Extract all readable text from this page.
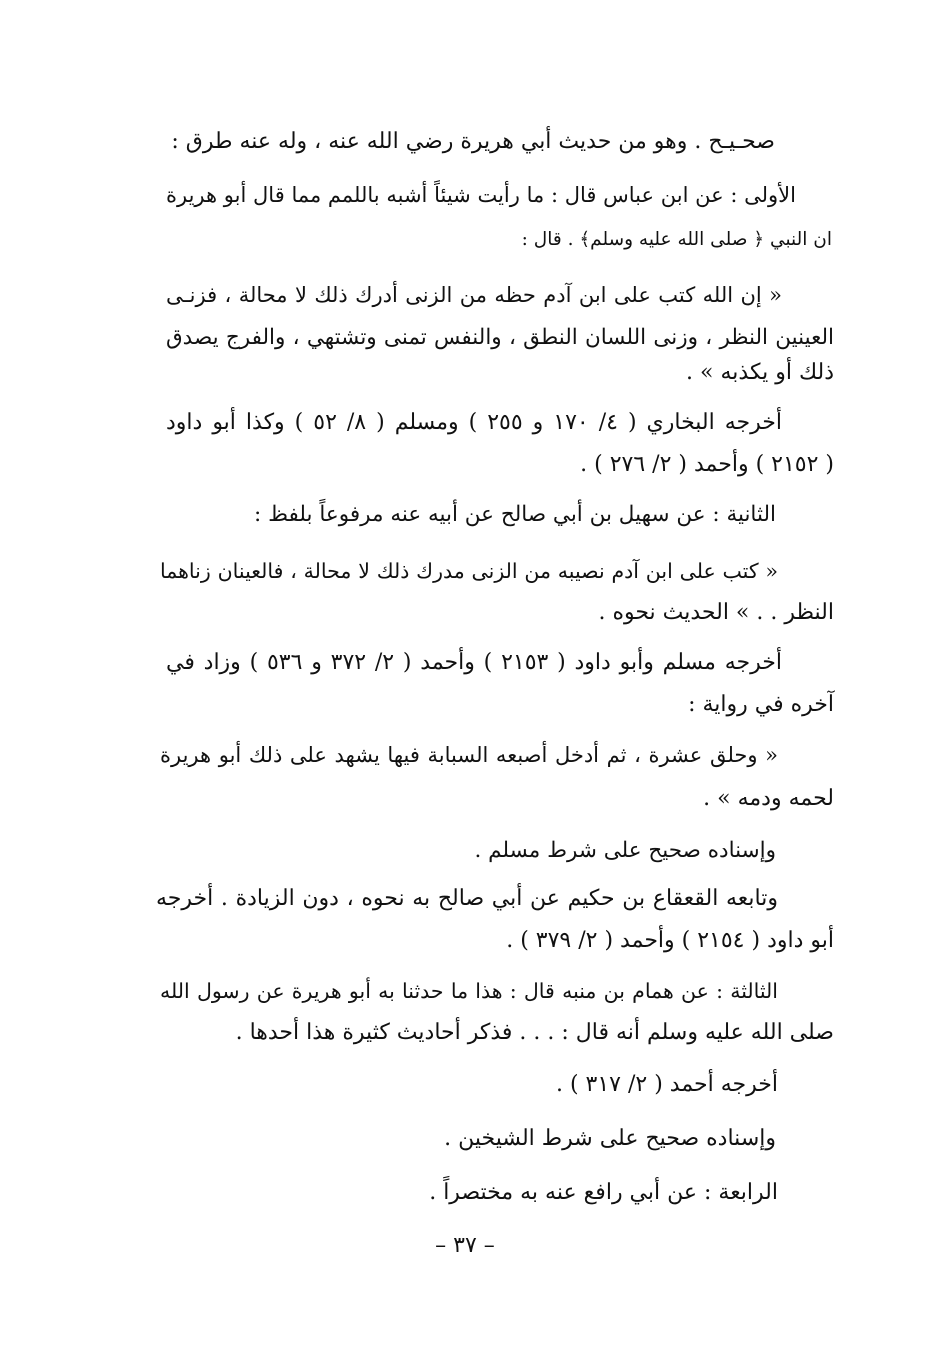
صحـيـح . وهو من حديث أبي هريرة رضي الله عنه ، وله عنه طرق :
الأولى : عن ابن عباس قال : ما رأيت شيئاً أشبه باللمم مما قال أبو هريرة
ان النبي ﴿ صلى الله عليه وسلم﴾ . قال :
« إن الله كتب على ابن آدم حظه من الزنى أدرك ذلك لا محالة ، فزنـى
العينين النظر ، وزنى اللسان النطق ، والنفس تمنى وتشتهي ، والفرج يصدق
ذلك أو يكذبه » .
أخرجه البخاري ( ٤/ ١٧٠ و ٢٥٥ ) ومسلم ( ٨/ ٥٢ ) وكذا أبو داود
( ٢١٥٢ ) وأحمد ( ٢/ ٢٧٦ ) .
الثانية : عن سهيل بن أبي صالح عن أبيه عنه مرفوعاً بلفظ :
« كتب على ابن آدم نصيبه من الزنى مدرك ذلك لا محالة ، فالعينان زناهما
النظر . . » الحديث نحوه .
أخرجه مسلم وأبو داود ( ٢١٥٣ ) وأحمد ( ٢/ ٣٧٢ و ٥٣٦ ) وزاد في
آخره في رواية :
« وحلق عشرة ، ثم أدخل أصبعه السبابة فيها يشهد على ذلك أبو هريرة
لحمه ودمه » .
وإسناده صحيح على شرط مسلم .
وتابعه القعقاع بن حكيم عن أبي صالح به نحوه ، دون الزيادة . أخرجه
أبو داود ( ٢١٥٤ ) وأحمد ( ٢/ ٣٧٩ ) .
الثالثة : عن همام بن منبه قال : هذا ما حدثنا به أبو هريرة عن رسول الله
صلى الله عليه وسلم أنه قال : . . . فذكر أحاديث كثيرة هذا أحدها .
أخرجه أحمد ( ٢/ ٣١٧ ) .
وإسناده صحيح على شرط الشيخين .
الرابعة : عن أبي رافع عنه به مختصراً .
– ٣٧ –
